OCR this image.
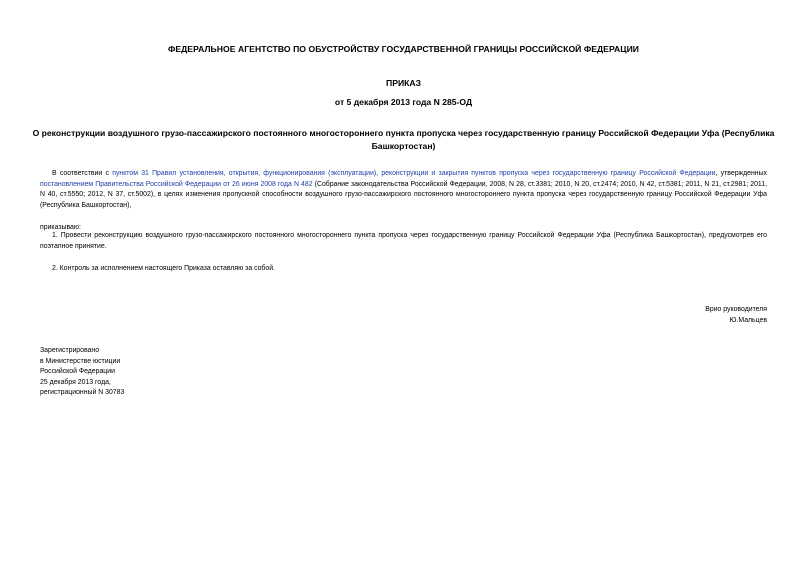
ФЕДЕРАЛЬНОЕ АГЕНТСТВО ПО ОБУСТРОЙСТВУ ГОСУДАРСТВЕННОЙ ГРАНИЦЫ РОССИЙСКОЙ ФЕДЕРАЦИИ
ПРИКАЗ
от 5 декабря 2013 года N 285-ОД
О реконструкции воздушного грузо-пассажирского постоянного многостороннего пункта пропуска через государственную границу Российской Федерации Уфа (Республика Башкортостан)
В соответствии с пунктом 31 Правил установления, открытия, функционирования (эксплуатации), реконструкции и закрытия пунктов пропуска через государственную границу Российской Федерации, утвержденных постановлением Правительства Российской Федерации от 26 июня 2008 года N 482 (Собрание законодательства Российской Федерации, 2008, N 28, ст.3381; 2010, N 20, ст.2474; 2010, N 42, ст.5381; 2011, N 21, ст.2981; 2011, N 40, ст.5550; 2012, N 37, ст.5002), в целях изменения пропускной способности воздушного грузо-пассажирского постоянного многостороннего пункта пропуска через государственную границу Российской Федерации Уфа (Республика Башкортостан),
приказываю:
1. Провести реконструкцию воздушного грузо-пассажирского постоянного многостороннего пункта пропуска через государственную границу Российской Федерации Уфа (Республика Башкортостан), предусмотрев его поэтапное принятие.
2. Контроль за исполнением настоящего Приказа оставляю за собой.
Врио руководителя
Ю.Мальцев
Зарегистрировано
в Министерстве юстиции
Российской Федерации
25 декабря 2013 года,
регистрационный N 30783
